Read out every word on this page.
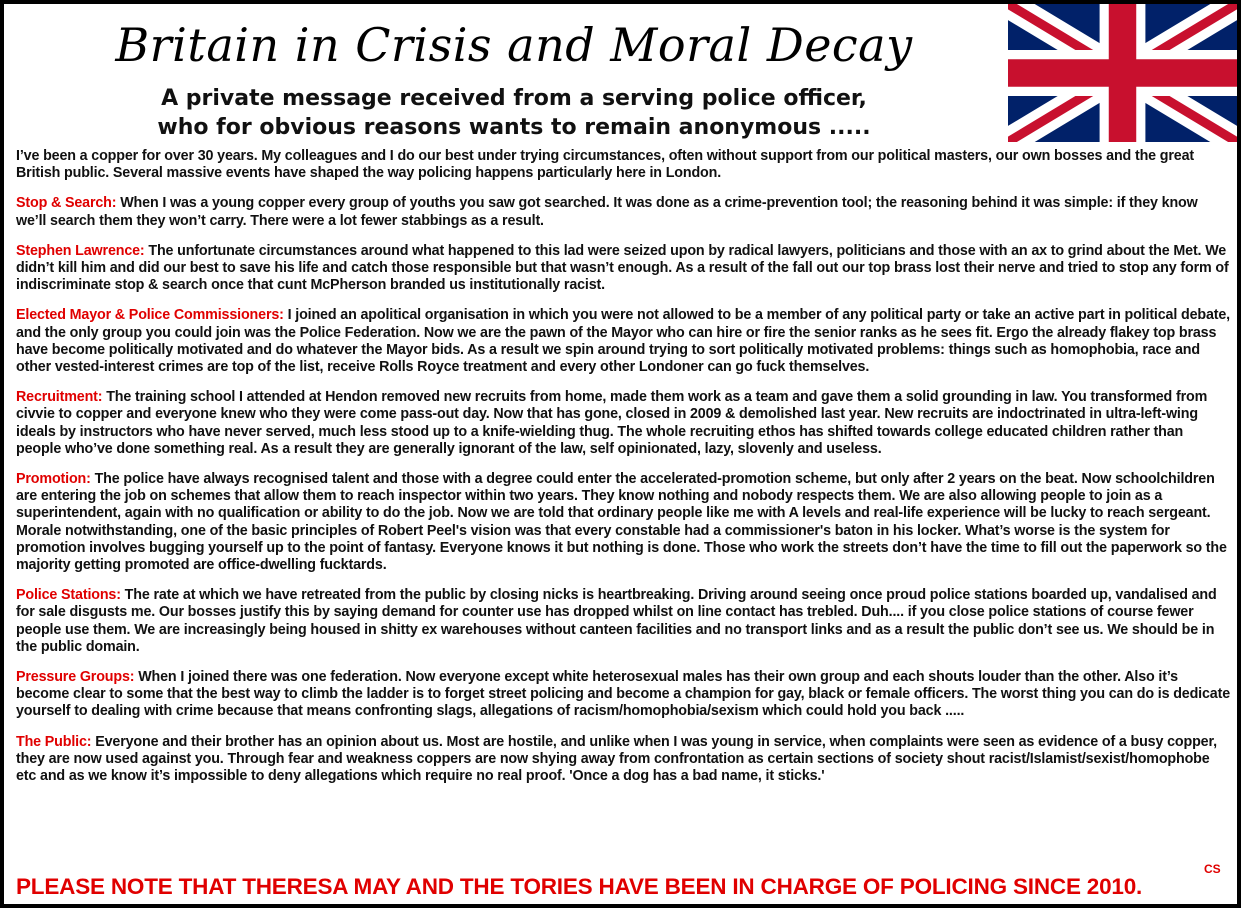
Britain in Crisis and Moral Decay
A private message received from a serving police officer,
who for obvious reasons wants to remain anonymous .....

I’ve been a copper for over 30 years. My colleagues and I do our best under trying circumstances, often without support from our political masters, our own bosses and the great British public. Several massive events have shaped the way policing happens particularly here in London.

Stop & Search: When I was a young copper every group of youths you saw got searched. It was done as a crime-prevention tool; the reasoning behind it was simple: if they know we’ll search them they won’t carry. There were a lot fewer stabbings as a result.

Stephen Lawrence: The unfortunate circumstances around what happened to this lad were seized upon by radical lawyers, politicians and those with an ax to grind about the Met. We didn’t kill him and did our best to save his life and catch those responsible but that wasn’t enough. As a result of the fall out our top brass lost their nerve and tried to stop any form of indiscriminate stop & search once that cunt McPherson branded us institutionally racist.

Elected Mayor & Police Commissioners: I joined an apolitical organisation in which you were not allowed to be a member of any political party or take an active part in political debate, and the only group you could join was the Police Federation. Now we are the pawn of the Mayor who can hire or fire the senior ranks as he sees fit. Ergo the already flakey top brass have become politically motivated and do whatever the Mayor bids. As a result we spin around trying to sort politically motivated problems: things such as homophobia, race and other vested-interest crimes are top of the list, receive Rolls Royce treatment and every other Londoner can go fuck themselves.

Recruitment: The training school I attended at Hendon removed new recruits from home, made them work as a team and gave them a solid grounding in law. You transformed from civvie to copper and everyone knew who they were come pass-out day. Now that has gone, closed in 2009 & demolished last year. New recruits are indoctrinated in ultra-left-wing ideals by instructors who have never served, much less stood up to a knife-wielding thug. The whole recruiting ethos has shifted towards college educated children rather than people who’ve done something real. As a result they are generally ignorant of the law, self opinionated, lazy, slovenly and useless.

Promotion: The police have always recognised talent and those with a degree could enter the accelerated-promotion scheme, but only after 2 years on the beat. Now schoolchildren are entering the job on schemes that allow them to reach inspector within two years. They know nothing and nobody respects them. We are also allowing people to join as a superintendent, again with no qualification or ability to do the job. Now we are told that ordinary people like me with A levels and real-life experience will be lucky to reach sergeant. Morale notwithstanding, one of the basic principles of Robert Peel's vision was that every constable had a commissioner's baton in his locker. What’s worse is the system for promotion involves bugging yourself up to the point of fantasy. Everyone knows it but nothing is done. Those who work the streets don’t have the time to fill out the paperwork so the majority getting promoted are office-dwelling fucktards.

Police Stations: The rate at which we have retreated from the public by closing nicks is heartbreaking. Driving around seeing once proud police stations boarded up, vandalised and for sale disgusts me. Our bosses justify this by saying demand for counter use has dropped whilst on line contact has trebled. Duh.... if you close police stations of course fewer people use them. We are increasingly being housed in shitty ex warehouses without canteen facilities and no transport links and as a result the public don’t see us. We should be in the public domain.

Pressure Groups: When I joined there was one federation. Now everyone except white heterosexual males has their own group and each shouts louder than the other. Also it’s become clear to some that the best way to climb the ladder is to forget street policing and become a champion for gay, black or female officers. The worst thing you can do is dedicate yourself to dealing with crime because that means confronting slags, allegations of racism/homophobia/sexism which could hold you back .....

The Public: Everyone and their brother has an opinion about us. Most are hostile, and unlike when I was young in service, when complaints were seen as evidence of a busy copper, they are now used against you. Through fear and weakness coppers are now shying away from confrontation as certain sections of society shout racist/Islamist/sexist/homophobe etc and as we know it’s impossible to deny allegations which require no real proof. 'Once a dog has a bad name, it sticks.'

PLEASE NOTE THAT THERESA MAY AND THE TORIES HAVE BEEN IN CHARGE OF POLICING SINCE 2010.
CS
